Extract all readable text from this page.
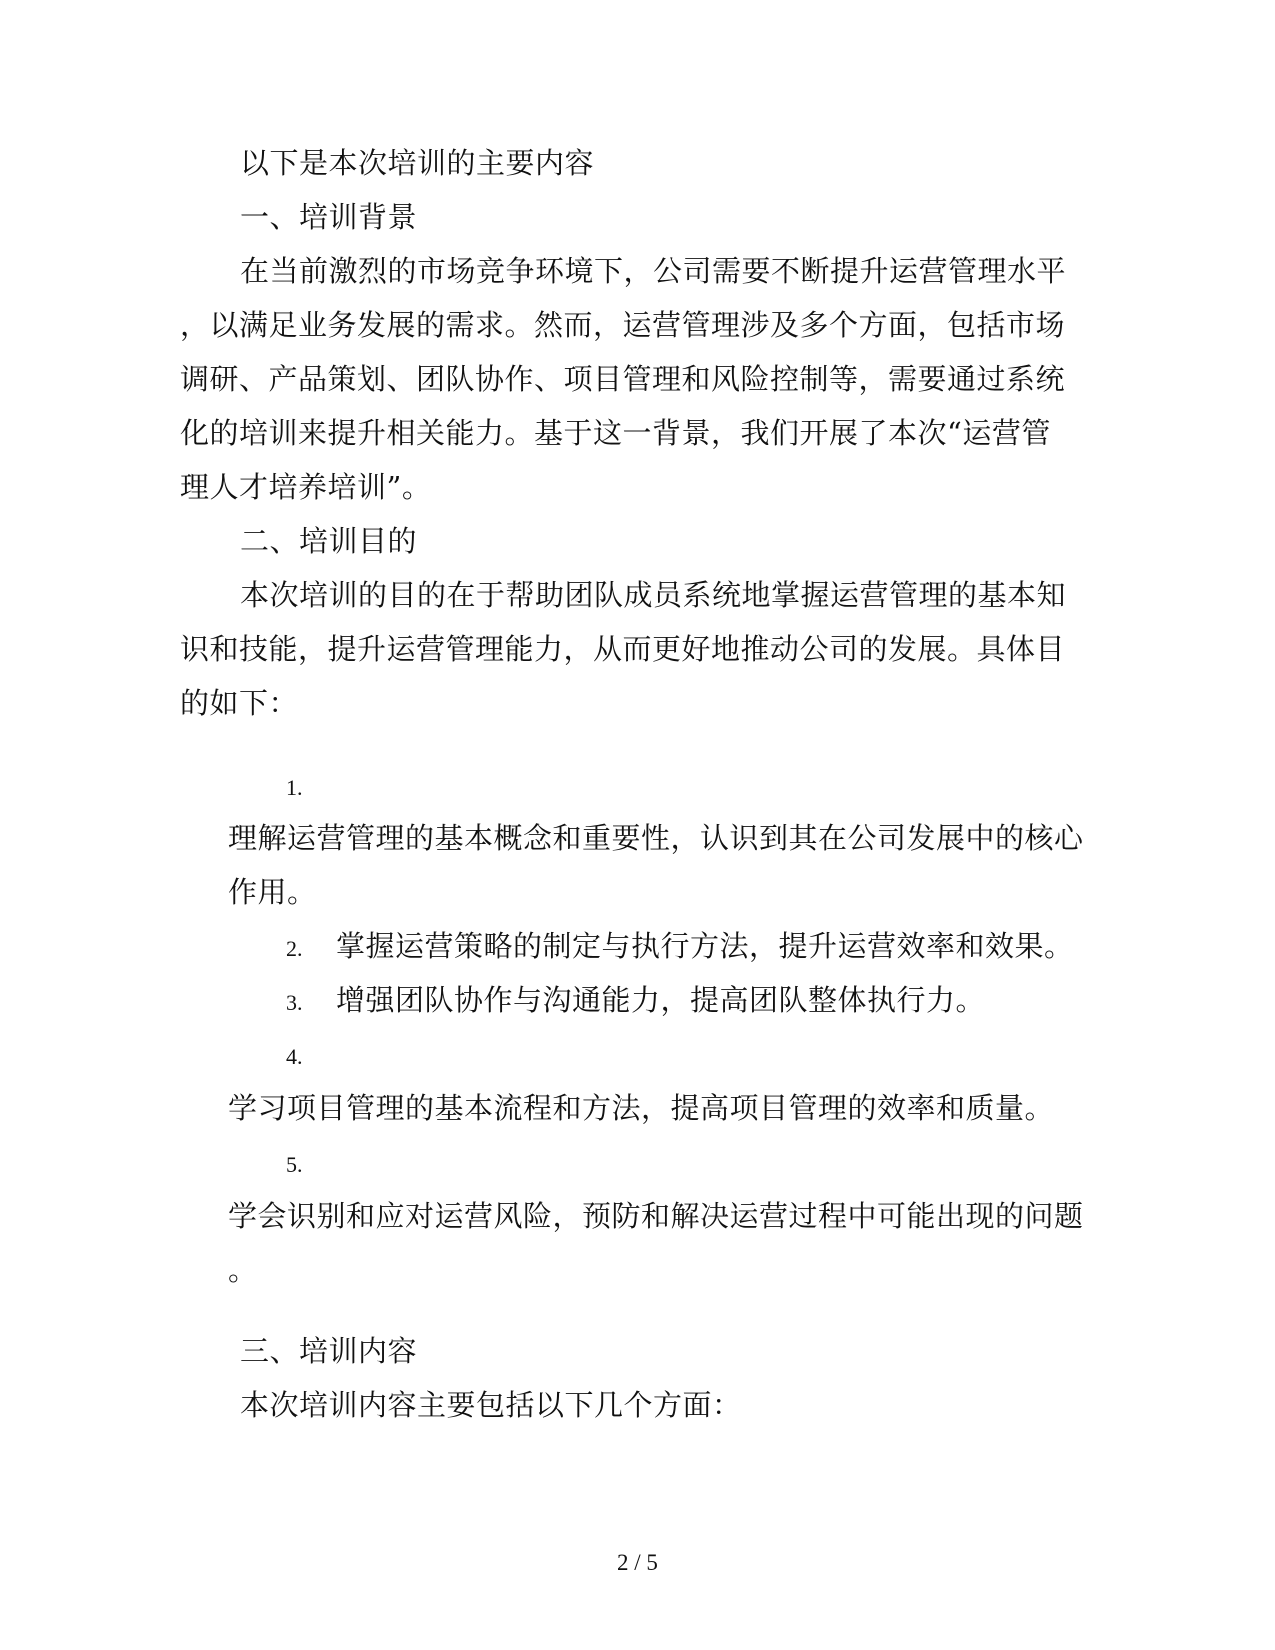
以下是本次培训的主要内容
一、培训背景
在当前激烈的市场竞争环境下，公司需要不断提升运营管理水平
，以满足业务发展的需求。然而，运营管理涉及多个方面，包括市场
调研、产品策划、团队协作、项目管理和风险控制等，需要通过系统
化的培训来提升相关能力。基于这一背景，我们开展了本次“运营管
理人才培养培训”。
二、培训目的
本次培训的目的在于帮助团队成员系统地掌握运营管理的基本知
识和技能，提升运营管理能力，从而更好地推动公司的发展。具体目
的如下：
1.
理解运营管理的基本概念和重要性，认识到其在公司发展中的核心
作用。
2. 掌握运营策略的制定与执行方法，提升运营效率和效果。
3. 增强团队协作与沟通能力，提高团队整体执行力。
4.
学习项目管理的基本流程和方法，提高项目管理的效率和质量。
5.
学会识别和应对运营风险，预防和解决运营过程中可能出现的问题
。
三、培训内容
本次培训内容主要包括以下几个方面：
2 / 5
